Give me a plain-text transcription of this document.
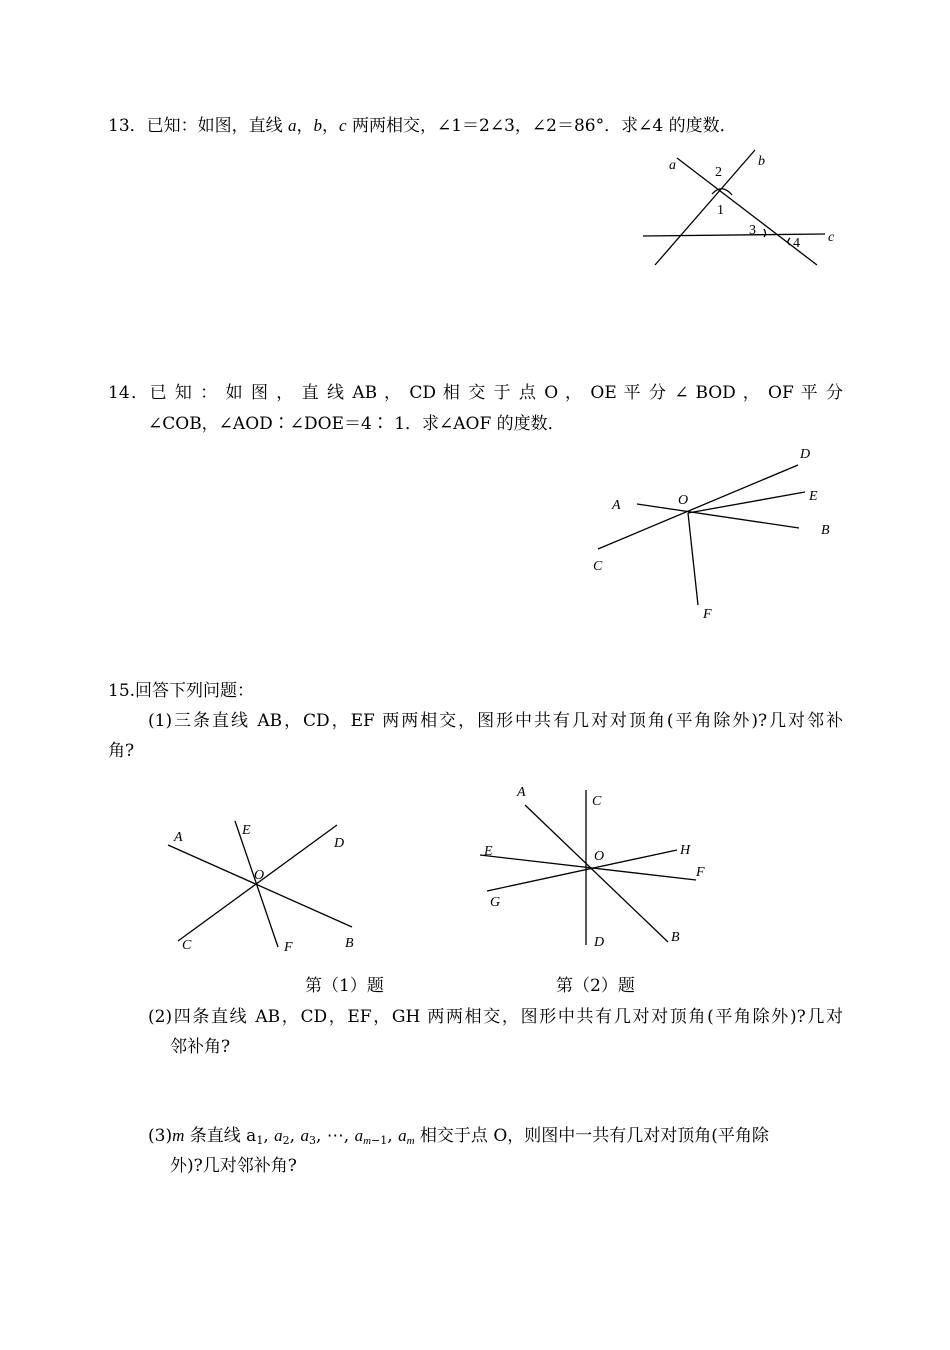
13．已知：如图，直线 a，b，c 两两相交，∠1＝2∠3，∠2＝86°．求∠4 的度数．
a	b
c
2
1
3
4
14．已 知 ： 如 图 ， 直 线 AB ， CD 相 交 于 点 O ， OE 平 分 ∠ BOD ， OF 平 分
∠COB，∠AOD∶∠DOE＝4∶ 1．求∠AOF 的度数．
A
B
C
D
E
F
O
15.回答下列问题：
(1)三条直线 AB，CD，EF 两两相交，图形中共有几对对顶角(平角除外)?几对邻补
角?
A
B
C
D
E
F
O
A
B
C
D
E
F
G
H
O
第（1）题	第（2）题
(2)四条直线 AB，CD，EF，GH 两两相交，图形中共有几对对顶角(平角除外)?几对
邻补角?
(3)m 条直线 $a_1$, $a_2$, $a_3$, ⋯, $a_{m-1}$, $a_m$ 相交于点 O，则图中一共有几对对顶角(平角除
外)?几对邻补角?
